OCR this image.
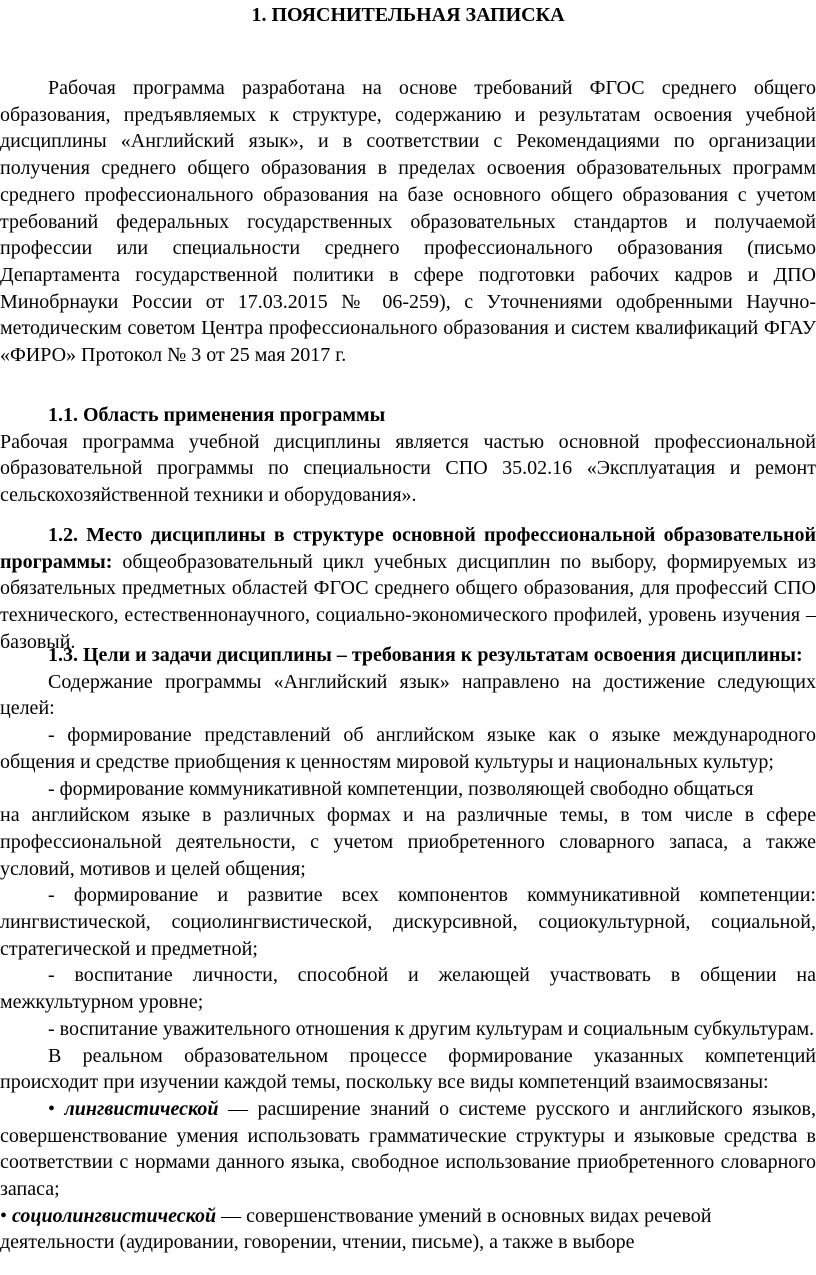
1. ПОЯСНИТЕЛЬНАЯ ЗАПИСКА

Рабочая программа разработана на основе требований ФГОС среднего общего образования, предъявляемых к структуре, содержанию и результатам освоения учебной дисциплины «Английский язык», и в соответствии с Рекомендациями по организации получения среднего общего образования в пределах освоения образовательных программ среднего профессионального образования на базе основного общего образования с учетом требований федеральных государственных образовательных стандартов и получаемой профессии или специальности среднего профессионального образования (письмо Департамента государственной политики в сфере подготовки рабочих кадров и ДПО Минобрнауки России от 17.03.2015 № 06-259), с Уточнениями одобренными Научно-методическим советом Центра профессионального образования и систем квалификаций ФГАУ «ФИРО» Протокол № 3 от 25 мая 2017 г.

1.1. Область применения программы

Рабочая программа учебной дисциплины является частью основной профессиональной образовательной программы по специальности СПО 35.02.16 «Эксплуатация и ремонт сельскохозяйственной техники и оборудования».

1.2. Место дисциплины в структуре основной профессиональной образовательной программы: общеобразовательный цикл учебных дисциплин по выбору, формируемых из обязательных предметных областей ФГОС среднего общего образования, для профессий СПО технического, естественнонаучного, социально-экономического профилей, уровень изучения – базовый.

1.3. Цели и задачи дисциплины – требования к результатам освоения дисциплины:

Содержание программы «Английский язык» направлено на достижение следующих целей:

- формирование представлений об английском языке как о языке международного общения и средстве приобщения к ценностям мировой культуры и национальных культур;

- формирование коммуникативной компетенции, позволяющей свободно общаться

на английском языке в различных формах и на различные темы, в том числе в сфере профессиональной деятельности, с учетом приобретенного словарного запаса, а также условий, мотивов и целей общения;

- формирование и развитие всех компонентов коммуникативной компетенции: лингвистической, социолингвистической, дискурсивной, социокультурной, социальной, стратегической и предметной;

- воспитание личности, способной и желающей участвовать в общении на межкультурном уровне;

- воспитание уважительного отношения к другим культурам и социальным субкультурам.

В реальном образовательном процессе формирование указанных компетенций происходит при изучении каждой темы, поскольку все виды компетенций взаимосвязаны:

• лингвистической — расширение знаний о системе русского и английского языков, совершенствование умения использовать грамматические структуры и языковые средства в соответствии с нормами данного языка, свободное использование приобретенного словарного запаса;

• социолингвистической — совершенствование умений в основных видах речевой

деятельности (аудировании, говорении, чтении, письме), а также в выборе
